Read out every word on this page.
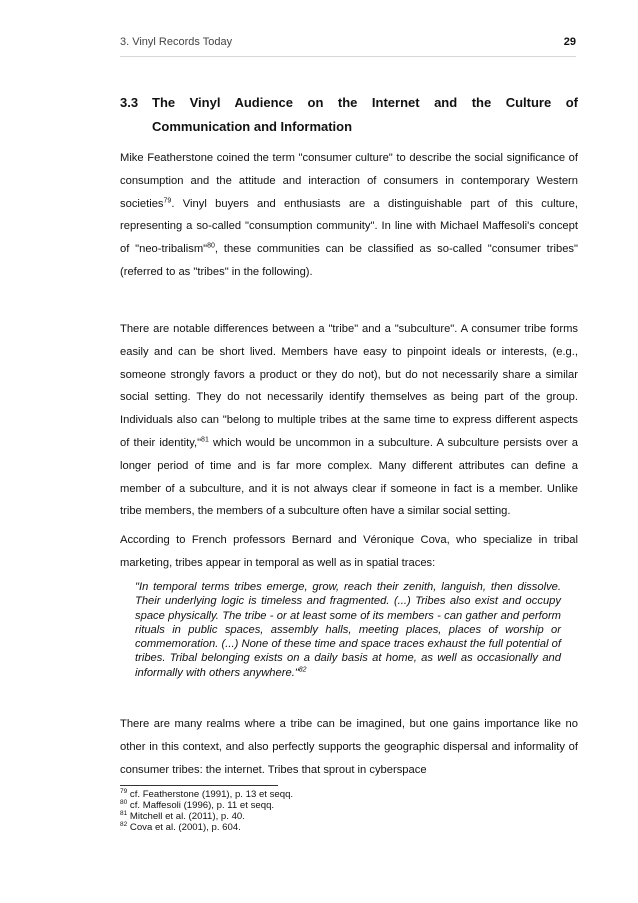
3. Vinyl Records Today	29
3.3	The Vinyl Audience on the Internet and the Culture of
Communication and Information

Mike Featherstone coined the term "consumer culture" to describe the social significance of consumption and the attitude and interaction of consumers in contemporary Western societies$^{79}$. Vinyl buyers and enthusiasts are a distinguishable part of this culture, representing a so-called "consumption community". In line with Michael Maffesoli's concept of "neo-tribalism"$^{80}$, these communities can be classified as so-called "consumer tribes" (referred to as "tribes" in the following).

There are notable differences between a "tribe" and a "subculture". A consumer tribe forms easily and can be short lived. Members have easy to pinpoint ideals or interests, (e.g., someone strongly favors a product or they do not), but do not necessarily share a similar social setting. They do not necessarily identify themselves as being part of the group. Individuals also can "belong to multiple tribes at the same time to express different aspects of their identity,"$^{81}$ which would be uncommon in a subculture. A subculture persists over a longer period of time and is far more complex. Many different attributes can define a member of a subculture, and it is not always clear if someone in fact is a member. Unlike tribe members, the members of a subculture often have a similar social setting.

According to French professors Bernard and Véronique Cova, who specialize in tribal marketing, tribes appear in temporal as well as in spatial traces:

"In temporal terms tribes emerge, grow, reach their zenith, languish, then dissolve. Their underlying logic is timeless and fragmented. (...) Tribes also exist and occupy space physically. The tribe - or at least some of its members - can gather and perform rituals in public spaces, assembly halls, meeting places, places of worship or commemoration. (...) None of these time and space traces exhaust the full potential of tribes. Tribal belonging exists on a daily basis at home, as well as occasionally and informally with others anywhere."$^{82}$

There are many realms where a tribe can be imagined, but one gains importance like no other in this context, and also perfectly supports the geographic dispersal and informality of consumer tribes: the internet. Tribes that sprout in cyberspace

$^{79}$ cf. Featherstone (1991), p. 13 et seqq.
$^{80}$ cf. Maffesoli (1996), p. 11 et seqq.
$^{81}$ Mitchell et al. (2011), p. 40.
$^{82}$ Cova et al. (2001), p. 604.
